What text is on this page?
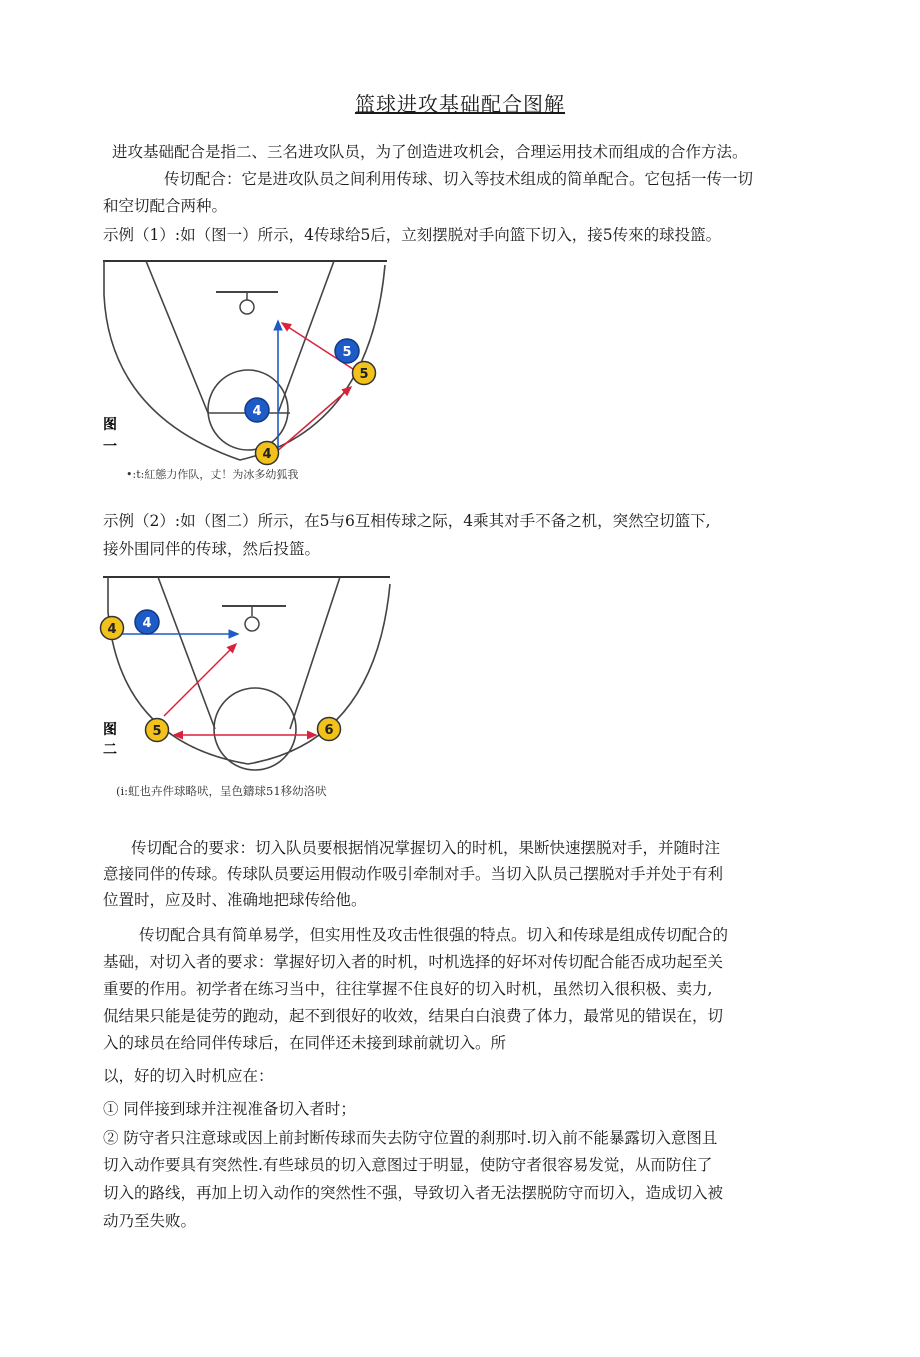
篮球进攻基础配合图解

进攻基础配合是指二、三名进攻队员，为了创造进攻机会，合理运用技术而组成的合作方法。

传切配合：它是进攻队员之间利用传球、切入等技术组成的简单配合。它包括一传一切

和空切配合两种。

示例（1）:如（图一）所示，4传球给5后，立刻摆脱对手向篮下切入，接5传來的球投篮。

5
5
4
4
图
一
•:t:紅態力作队，丈！为冰多幼狐我

示例（2）:如（图二）所示，在5与6互相传球之际，4乘其对手不备之机，突然空切篮下,

接外围同伴的传球，然后投篮。

4 4
5	6
图
二
(i:虹也卉件球略吠，呈色鑄球51移幼洛吠

传切配合的要求：切入队员要根据悄况掌握切入的时机，果断快速摆脱对手，并随时注

意接同伴的传球。传球队员要运用假动作吸引牵制对手。当切入队员己摆脱对手并处于有利

位置时，应及时、准确地把球传给他。

传切配合具有简单易学，但实用性及攻击性很强的特点。切入和传球是组成传切配合的

基础，对切入者的要求：掌握好切入者的时机，吋机选择的好坏对传切配合能否成功起至关

重要的作用。初学者在练习当中，往往掌握不住良好的切入时机，虽然切入很积极、卖力,

侃结果只能是徒劳的跑动，起不到很好的收效，结果白白浪费了体力，最常见的错误在，切

入的球员在给同伴传球后，在同伴还未接到球前就切入。所

以，好的切入时机应在：

① 同伴接到球并注视准备切入者时；

② 防守者只注意球或因上前封断传球而失去防守位置的刹那吋.切入前不能暴露切入意图且

切入动作要具有突然性.有些球员的切入意图过于明显，使防守者很容易发觉，从而防住了

切入的路线，再加上切入动作的突然性不强，导致切入者无法摆脱防守而切入，造成切入被

动乃至失败。
